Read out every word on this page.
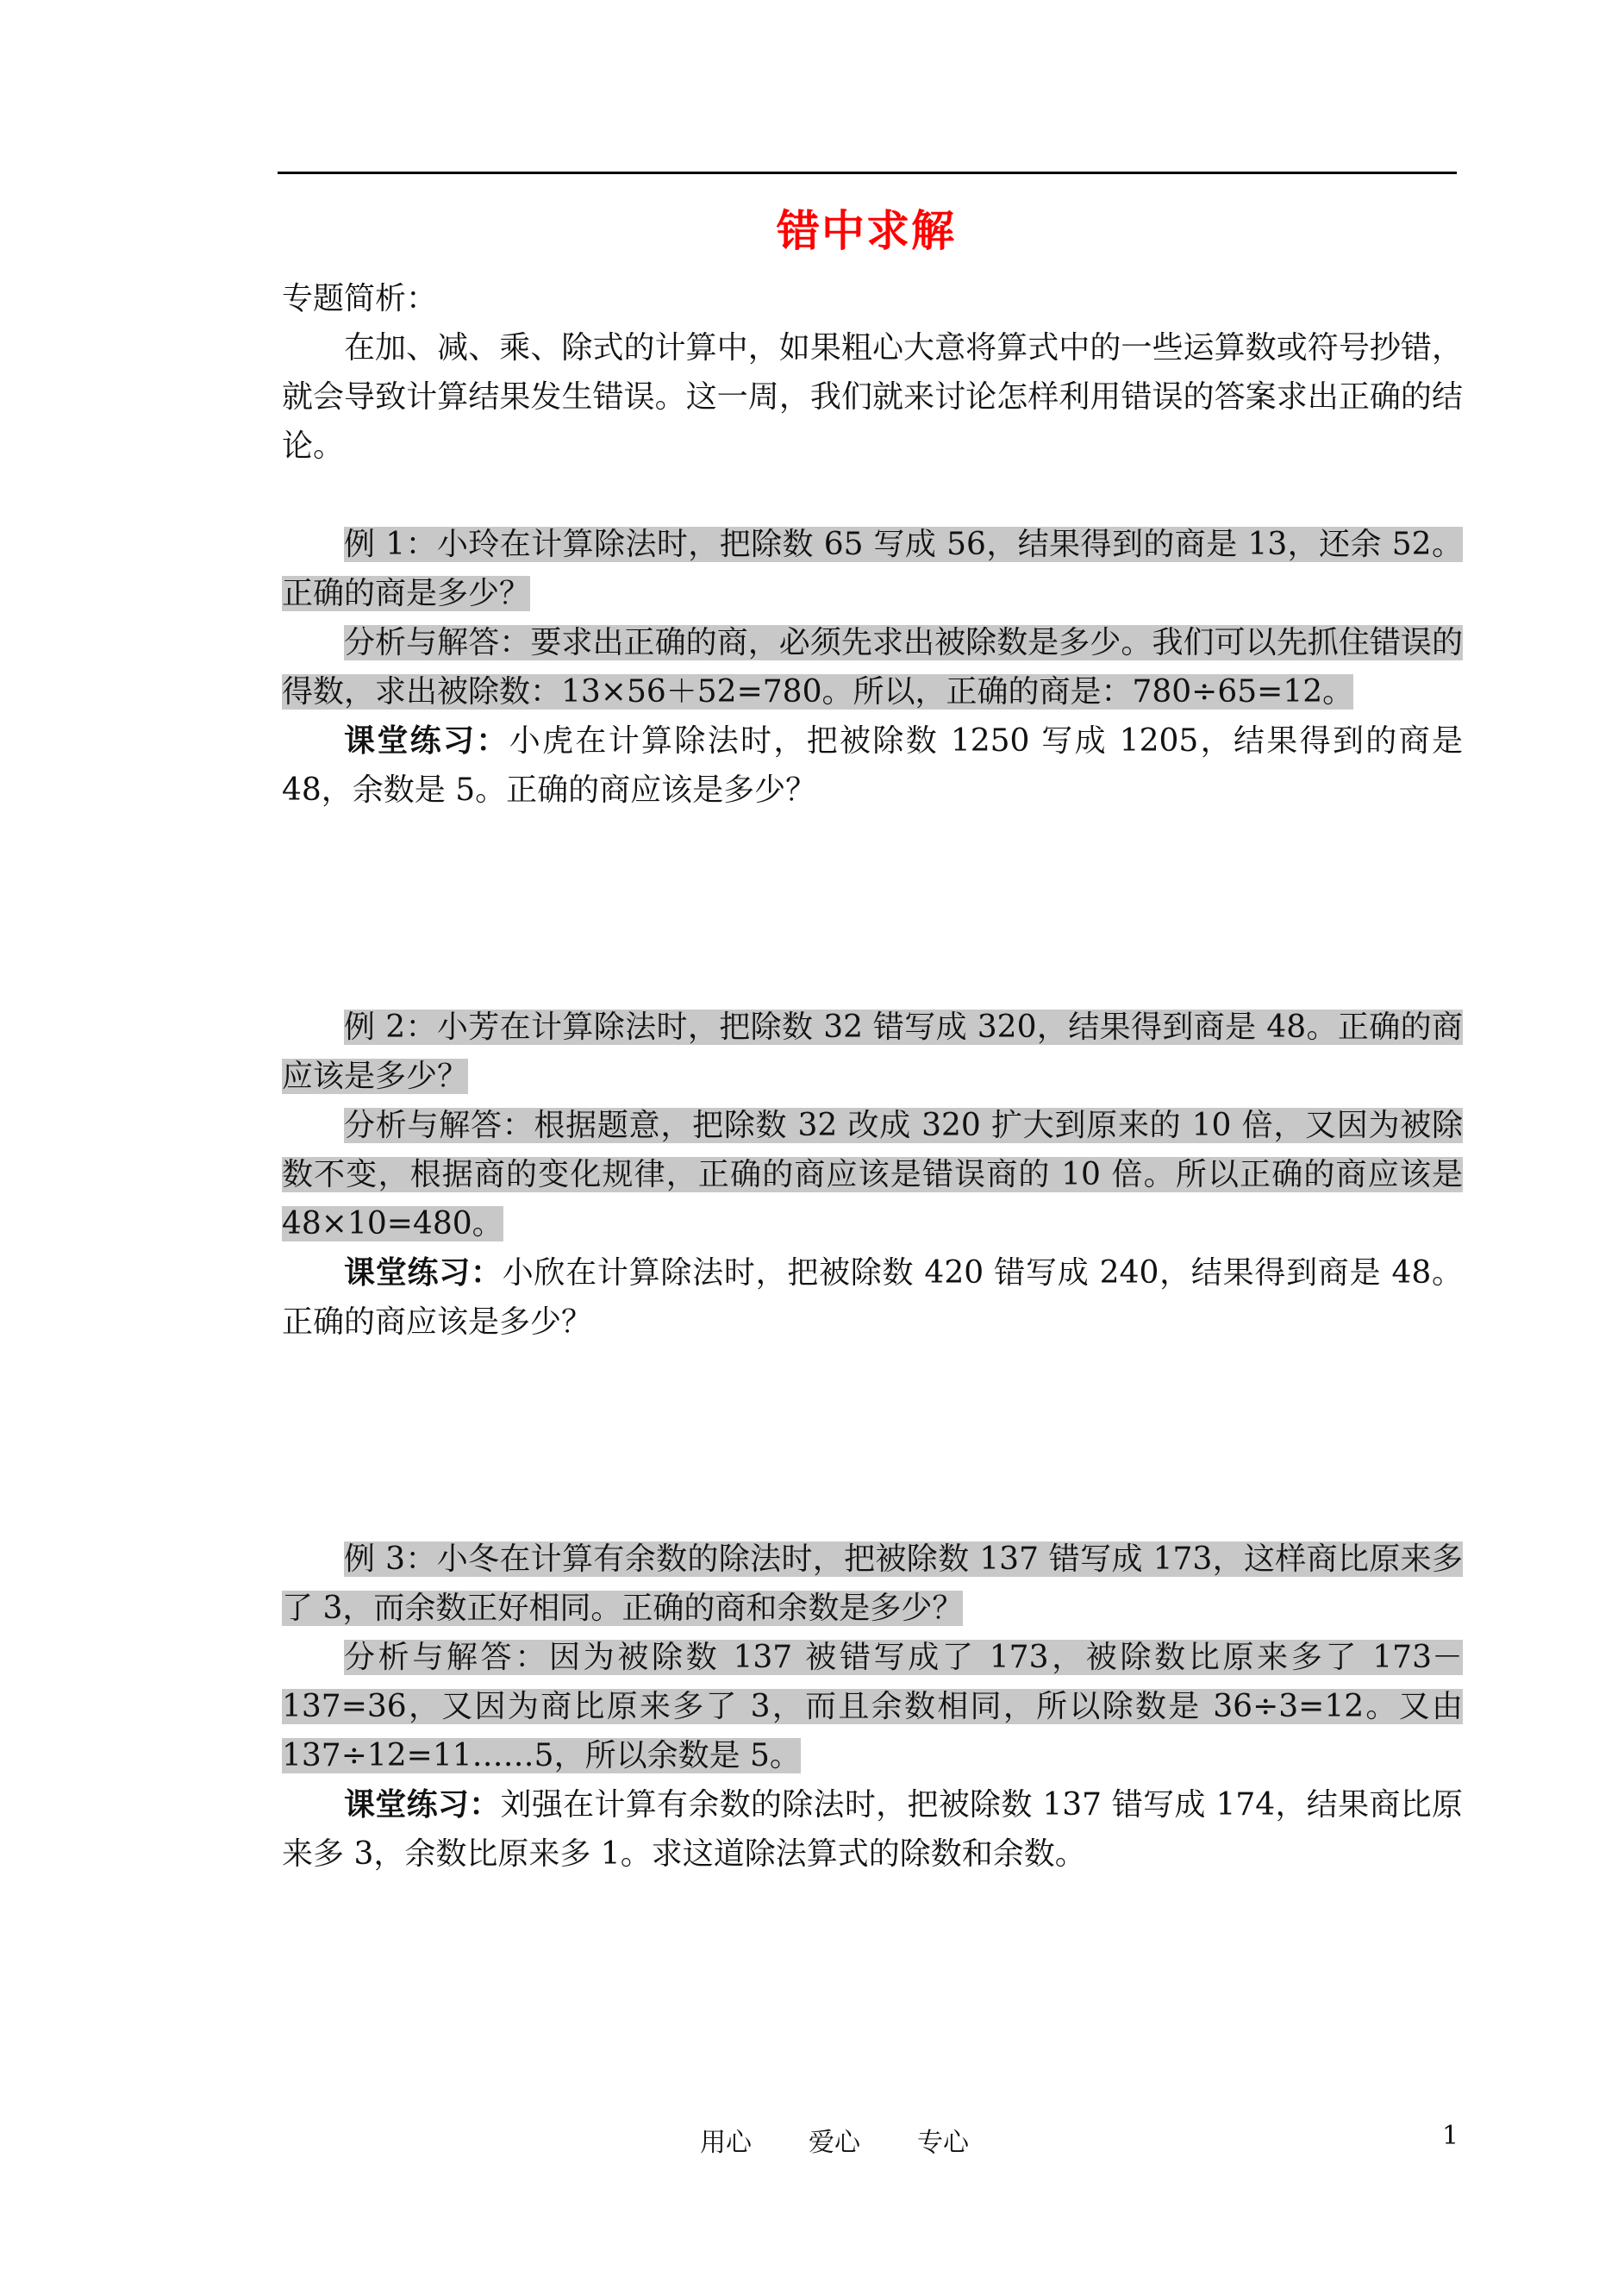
错中求解

专题简析：

在加、减、乘、除式的计算中，如果粗心大意将算式中的一些运算数或符号抄错，就会导致计算结果发生错误。这一周，我们就来讨论怎样利用错误的答案求出正确的结论。

例 1：小玲在计算除法时，把除数 65 写成 56，结果得到的商是 13，还余 52。正确的商是多少？

分析与解答：要求出正确的商，必须先求出被除数是多少。我们可以先抓住错误的得数，求出被除数：13×56＋52=780。所以，正确的商是：780÷65=12。

课堂练习：小虎在计算除法时，把被除数 1250 写成 1205，结果得到的商是 48，余数是 5。正确的商应该是多少？

例 2：小芳在计算除法时，把除数 32 错写成 320，结果得到商是 48。正确的商应该是多少？

分析与解答：根据题意，把除数 32 改成 320 扩大到原来的 10 倍，又因为被除数不变，根据商的变化规律，正确的商应该是错误商的 10 倍。所以正确的商应该是 48×10=480。

课堂练习：小欣在计算除法时，把被除数 420 错写成 240，结果得到商是 48。正确的商应该是多少？

例 3：小冬在计算有余数的除法时，把被除数 137 错写成 173，这样商比原来多了 3，而余数正好相同。正确的商和余数是多少？

分析与解答：因为被除数 137 被错写成了 173，被除数比原来多了 173－137=36，又因为商比原来多了 3，而且余数相同，所以除数是 36÷3=12。又由 137÷12=11……5，所以余数是 5。

课堂练习：刘强在计算有余数的除法时，把被除数 137 错写成 174，结果商比原来多 3，余数比原来多 1。求这道除法算式的除数和余数。

用心 爱心 专心	1
